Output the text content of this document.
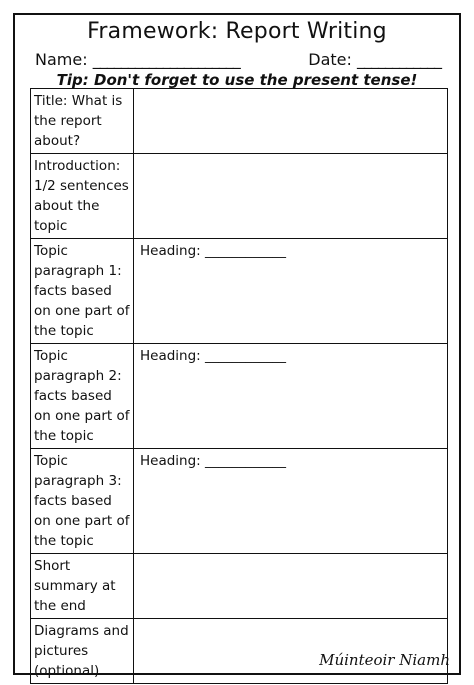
Framework: Report Writing
Name: _____________________	Date: ____________
Tip: Don't forget to use the present tense!
Title: What is the report about?	
Introduction: 1/2 sentences about the topic	
Topic paragraph 1: facts based on one part of the topic	Heading: ____________
Topic paragraph 2: facts based on one part of the topic	Heading: ____________
Topic paragraph 3: facts based on one part of the topic	Heading: ____________
Short summary at the end	
Diagrams and pictures (optional)	
Múinteoir Niamh
